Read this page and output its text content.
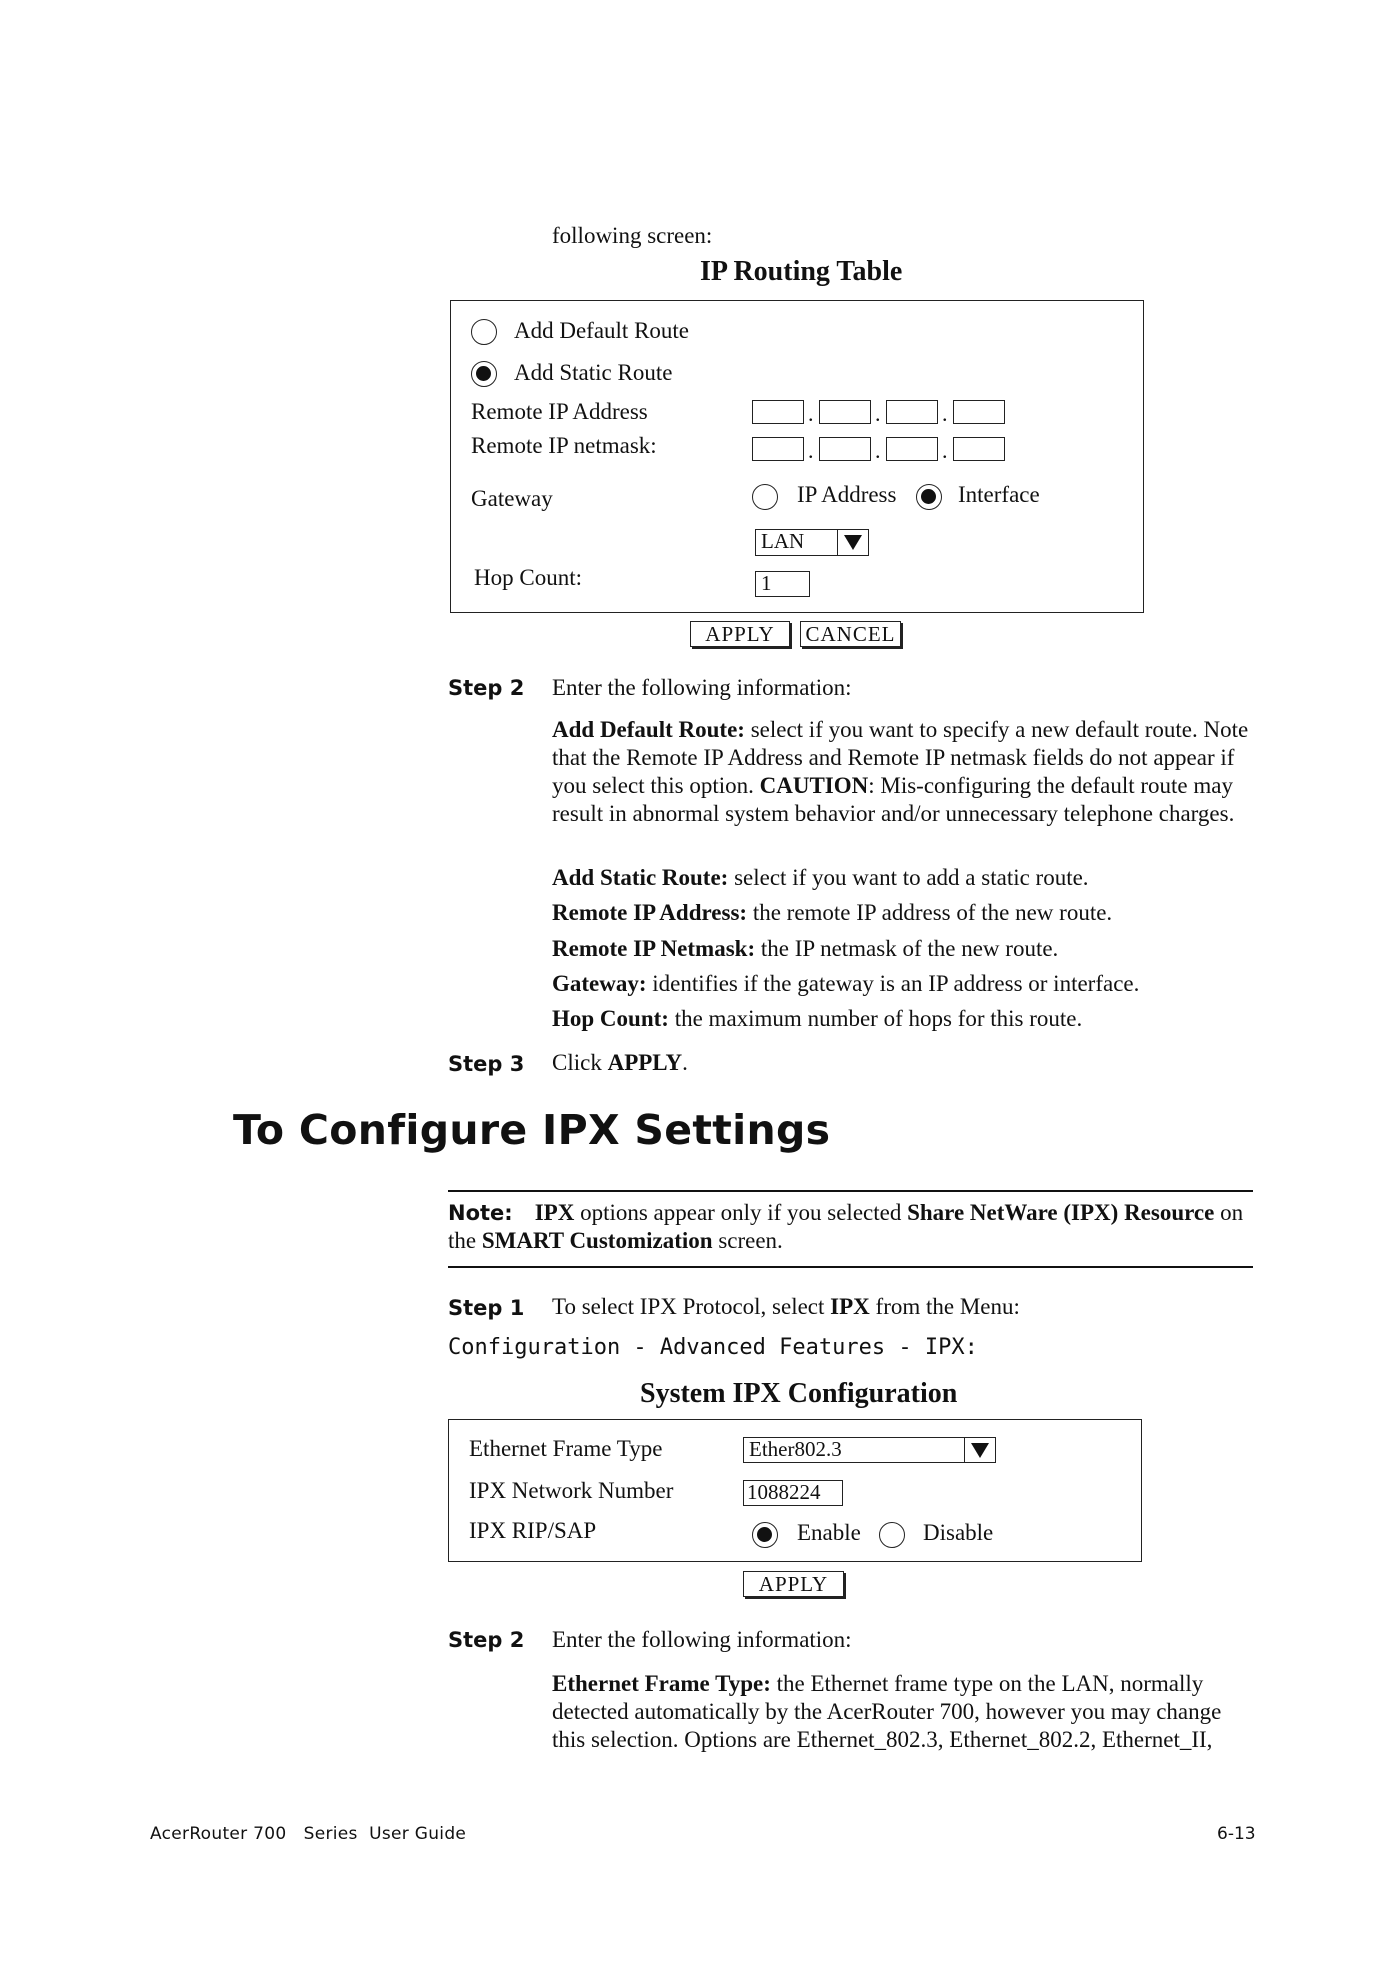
following screen:
IP Routing Table
Add Default Route
Add Static Route
Remote IP Address	.	.	.
Remote IP netmask:	.	.	.
Gateway	IP Address	Interface
LAN
Hop Count:	1
APPLY	CANCEL
Step 2 Enter the following information:
Add Default Route: select if you want to specify a new default route. Note that the Remote IP Address and Remote IP netmask fields do not appear if you select this option. CAUTION: Mis-configuring the default route may result in abnormal system behavior and/or unnecessary telephone charges.
Add Static Route: select if you want to add a static route.
Remote IP Address: the remote IP address of the new route.
Remote IP Netmask: the IP netmask of the new route.
Gateway: identifies if the gateway is an IP address or interface.
Hop Count: the maximum number of hops for this route.
Step 3 Click APPLY.
To Configure IPX Settings
Note: IPX options appear only if you selected Share NetWare (IPX) Resource on the SMART Customization screen.
Step 1 To select IPX Protocol, select IPX from the Menu:
Configuration - Advanced Features - IPX:
System IPX Configuration
Ethernet Frame Type	Ether802.3
IPX Network Number	1088224
IPX RIP/SAP	Enable	Disable
APPLY
Step 2 Enter the following information:
Ethernet Frame Type: the Ethernet frame type on the LAN, normally detected automatically by the AcerRouter 700, however you may change this selection. Options are Ethernet_802.3, Ethernet_802.2, Ethernet_II,
AcerRouter 700   Series  User Guide	6-13
